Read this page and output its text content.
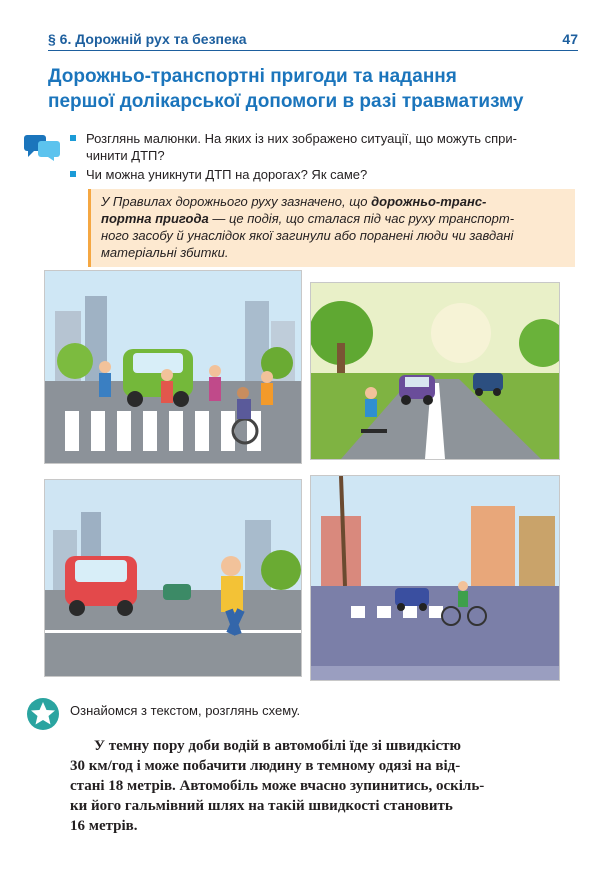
§ 6. Дорожній рух та безпека	47
Дорожньо-транспортні пригоди та надання
першої долікарської допомоги в разі травматизму
Розглянь малюнки. На яких із них зображено ситуації, що можуть спри-
чинити ДТП?
Чи можна уникнути ДТП на дорогах? Як саме?
У Правилах дорожнього руху зазначено, що дорожньо-транс-
портна пригода — це подія, що сталася під час руху транспорт-
ного засобу й унаслідок якої загинули або поранені люди чи завдані
матеріальні збитки.
Ознайомся з текстом, розглянь схему.
У темну пору доби водій в автомобілі їде зі швидкістю
30 км/год і може побачити людину в темному одязі на від-
стані 18 метрів. Автомобіль може вчасно зупинитись, оскіль-
ки його гальмівний шлях на такій швидкості становить
16 метрів.
